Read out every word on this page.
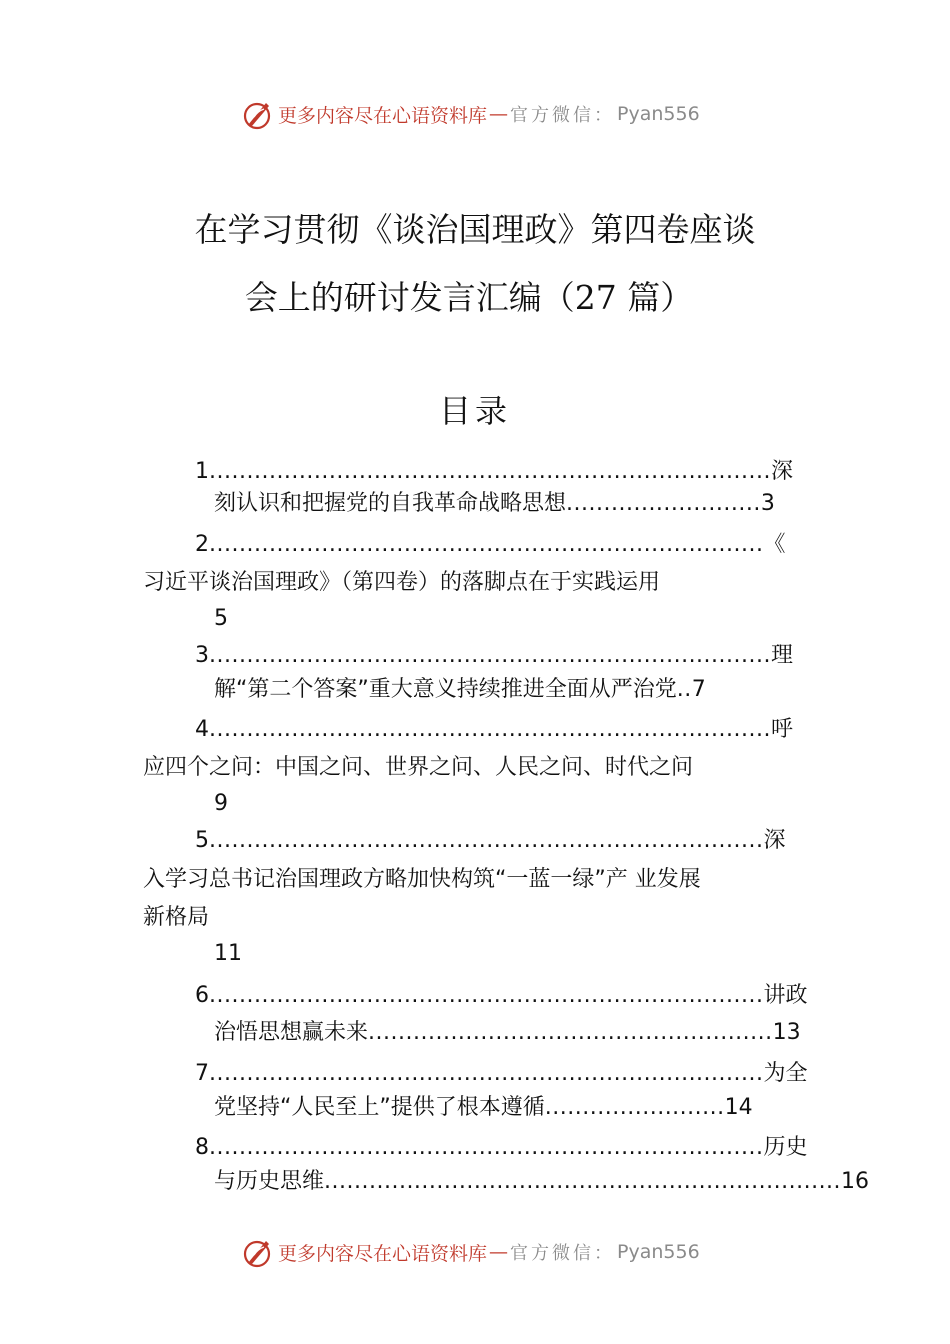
更多内容尽在心语资料库 — 官方微信： Pyan556
在学习贯彻《谈治国理政》第四卷座谈
会上的研讨发言汇编（27 篇）
目录
1...........................................................................深
刻认识和把握党的自我革命战略思想..........................3
2..........................................................................《
习近平谈治国理政》（第四卷）的落脚点在于实践运用
5
3...........................................................................理
解“第二个答案”重大意义持续推进全面从严治党..7
4...........................................................................呼
应四个之问：中国之问、世界之问、人民之问、时代之问
9
5..........................................................................深
入学习总书记治国理政方略加快构筑“一蓝一绿”产 业发展
新格局
11
6..........................................................................讲政
治悟思想赢未来......................................................13
7..........................................................................为全
党坚持“人民至上”提供了根本遵循........................14
8..........................................................................历史
与历史思维.....................................................................16
更多内容尽在心语资料库 — 官方微信： Pyan556
